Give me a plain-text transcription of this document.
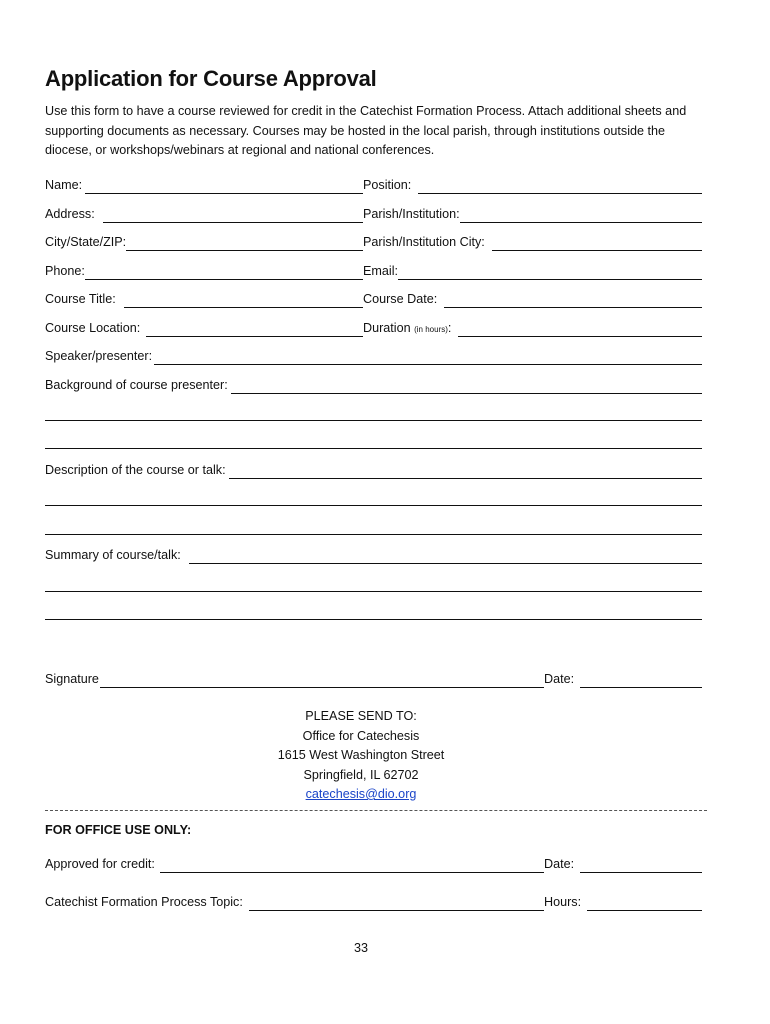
Application for Course Approval
Use this form to have a course reviewed for credit in the Catechist Formation Process. Attach additional sheets and supporting documents as necessary. Courses may be hosted in the local parish, through institutions outside the diocese, or workshops/webinars at regional and national conferences.
Name:	Position:
Address:	Parish/Institution:
City/State/ZIP:	Parish/Institution City:
Phone:	Email:
Course Title:	Course Date:
Course Location:	Duration (in hours):
Speaker/presenter:
Background of course presenter:
Description of the course or talk:
Summary of course/talk:
Signature	Date:
PLEASE SEND TO:
Office for Catechesis
1615 West Washington Street
Springfield, IL 62702
catechesis@dio.org
FOR OFFICE USE ONLY:
Approved for credit:	Date:
Catechist Formation Process Topic:	Hours:
33
